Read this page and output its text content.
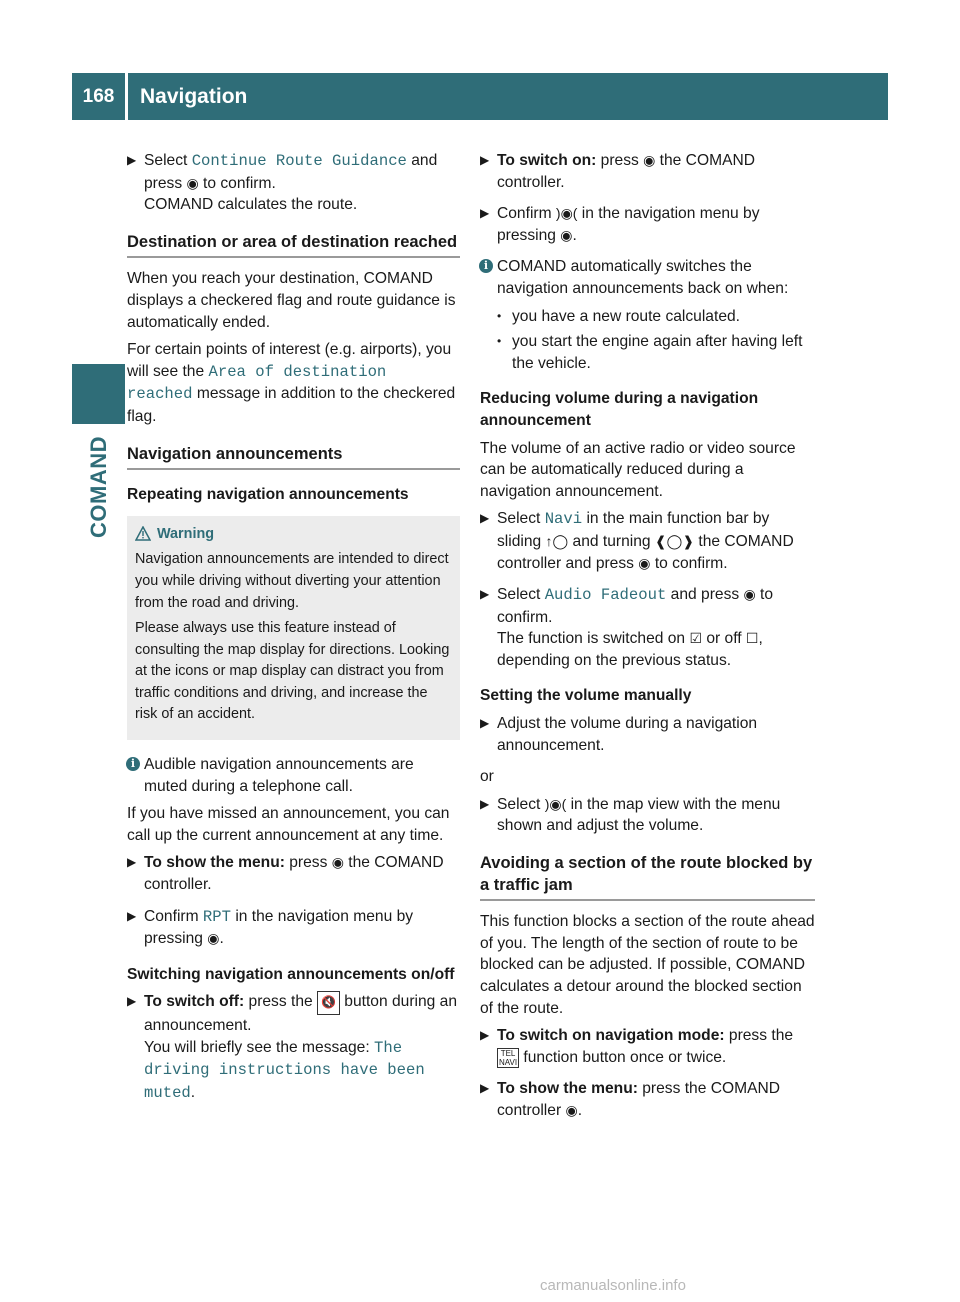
168	Navigation
COMAND
▶ Select Continue Route Guidance and press ◉ to confirm.
COMAND calculates the route.
Destination or area of destination reached

When you reach your destination, COMAND displays a checkered flag and route guidance is automatically ended.

For certain points of interest (e.g. airports), you will see the Area of destination reached message in addition to the checkered flag.

Navigation announcements
Repeating navigation announcements
Warning

Navigation announcements are intended to direct you while driving without diverting your attention from the road and driving.

Please always use this feature instead of consulting the map display for directions. Looking at the icons or map display can distract you from traffic conditions and driving, and increase the risk of an accident.

i Audible navigation announcements are muted during a telephone call.

If you have missed an announcement, you can call up the current announcement at any time.

▶ To show the menu: press ◉ the COMAND controller.
▶ Confirm RPT in the navigation menu by pressing ◉.
Switching navigation announcements on/off
▶ To switch off: press the 🔇 button during an announcement.
You will briefly see the message: The driving instructions have been muted.
▶ To switch on: press ◉ the COMAND controller.
▶ Confirm )◉( in the navigation menu by pressing ◉.
i COMAND automatically switches the navigation announcements back on when:
• you have a new route calculated.
• you start the engine again after having left the vehicle.
Reducing volume during a navigation announcement

The volume of an active radio or video source can be automatically reduced during a navigation announcement.

▶ Select Navi in the main function bar by sliding ↑◯ and turning ❰◯❱ the COMAND controller and press ◉ to confirm.
▶ Select Audio Fadeout and press ◉ to confirm.
The function is switched on ☑ or off ☐, depending on the previous status.
Setting the volume manually
▶ Adjust the volume during a navigation announcement.

or

▶ Select )◉( in the map view with the menu shown and adjust the volume.
Avoiding a section of the route blocked by a traffic jam

This function blocks a section of the route ahead of you. The length of the section of route to be blocked can be adjusted. If possible, COMAND calculates a detour around the blocked section of the route.

▶ To switch on navigation mode: press the TEL
NAVI function button once or twice.
▶ To show the menu: press the COMAND controller ◉.
carmanualsonline.info
